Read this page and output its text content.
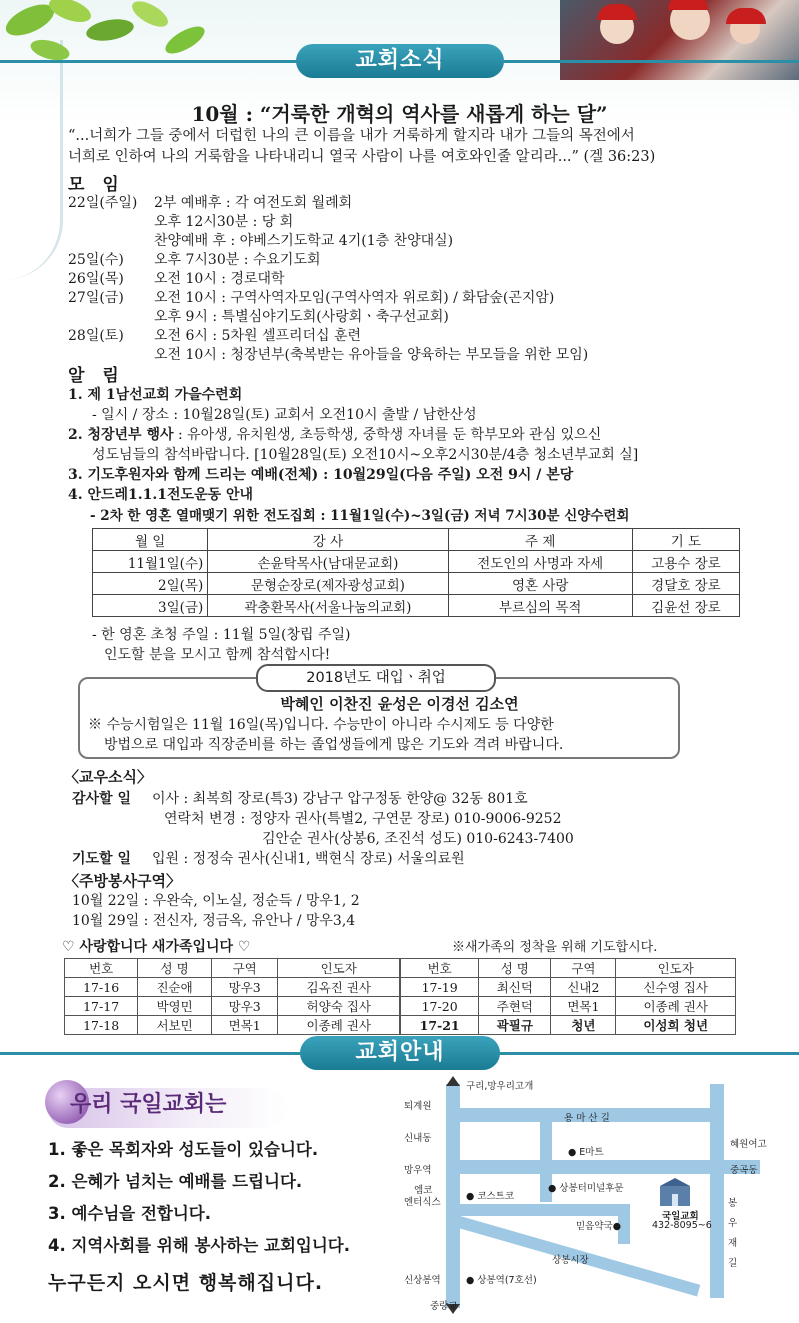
교회소식
10월 : “거룩한 개혁의 역사를 새롭게 하는 달”
“...너희가 그들 중에서 더럽힌 나의 큰 이름을 내가 거룩하게 할지라 내가 그들의 목전에서
너희로 인하여 나의 거룩함을 나타내리니 열국 사람이 나를 여호와인줄 알리라...” (겔 36:23)
모 임
22일(주일) 2부 예배후 : 각 여전도회 월례회
오후 12시30분 : 당 회
찬양예배 후 : 야베스기도학교 4기(1층 찬양대실)
25일(수) 오후 7시30분 : 수요기도회
26일(목) 오전 10시 : 경로대학
27일(금) 오전 10시 : 구역사역자모임(구역사역자 위로회) / 화담숲(곤지암)
오후 9시 : 특별심야기도회(사랑회ㆍ축구선교회)
28일(토) 오전 6시 : 5차원 셀프리더십 훈련
오전 10시 : 청장년부(축복받는 유아들을 양육하는 부모들을 위한 모임)
알 림
1. 제 1남선교회 가을수련회
- 일시 / 장소 : 10월28일(토) 교회서 오전10시 출발 / 남한산성
2. 청장년부 행사 : 유아생, 유치원생, 초등학생, 중학생 자녀를 둔 학부모와 관심 있으신
성도님들의 참석바랍니다. [10월28일(토) 오전10시~오후2시30분/4층 청소년부교회 실]
3. 기도후원자와 함께 드리는 예배(전체) : 10월29일(다음 주일) 오전 9시 / 본당
4. 안드레1.1.1전도운동 안내
- 2차 한 영혼 열매맺기 위한 전도집회 : 11월1일(수)~3일(금) 저녁 7시30분 신양수련회
월 일	강 사	주 제	기 도
11월1일(수)	손윤탁목사(남대문교회)	전도인의 사명과 자세	고용수 장로
2일(목)	문형순장로(제자광성교회)	영혼 사랑	경달호 장로
3일(금)	곽충환목사(서울나눔의교회)	부르심의 목적	김윤선 장로
- 한 영혼 초청 주일 : 11월 5일(창립 주일)
인도할 분을 모시고 함께 참석합시다!
2018년도 대입ㆍ취업
박혜인 이찬진 윤성은 이경선 김소연
※ 수능시험일은 11월 16일(목)입니다. 수능만이 아니라 수시제도 등 다양한
방법으로 대입과 직장준비를 하는 졸업생들에게 많은 기도와 격려 바랍니다.
〈교우소식〉
감사할 일 이사 : 최복희 장로(특3) 강남구 압구정동 한양@ 32동 801호
연락처 변경 : 정양자 권사(특별2, 구연문 장로) 010-9006-9252
김안순 권사(상봉6, 조진석 성도) 010-6243-7400
기도할 일 입원 : 정정숙 권사(신내1, 백현식 장로) 서울의료원
〈주방봉사구역〉
10월 22일 : 우완숙, 이노실, 정순득 / 망우1, 2
10월 29일 : 전신자, 정금옥, 유안나 / 망우3,4
♡ 사랑합니다 새가족입니다 ♡	※새가족의 정착을 위해 기도합시다.
번호	성 명	구역	인도자
17-16	진순애	망우3	김옥진 권사
17-17	박영민	망우3	허양숙 집사
17-18	서보민	면목1	이종례 권사
번호	성 명	구역	인도자
17-19	최신덕	신내2	신수영 집사
17-20	주현덕	면목1	이종례 권사
17-21	곽필규	청년	이성희 청년
교회안내
우리 국일교회는
1. 좋은 목회자와 성도들이 있습니다.
2. 은혜가 넘치는 예배를 드립니다.
3. 예수님을 전합니다.
4. 지역사회를 위해 봉사하는 교회입니다.
누구든지 오시면 행복해집니다.
구리,망우리고개
퇴계원
용 마 산 길
신내동
● E마트
혜원여고
망우역	중곡동
엠코
엔터식스
● 코스트코
● 상봉터미널후문
국일교회
432-8095~6
믿음약국●
봉우재길
상봉시장
신상봉역	● 상봉역(7호선)
중랑교
